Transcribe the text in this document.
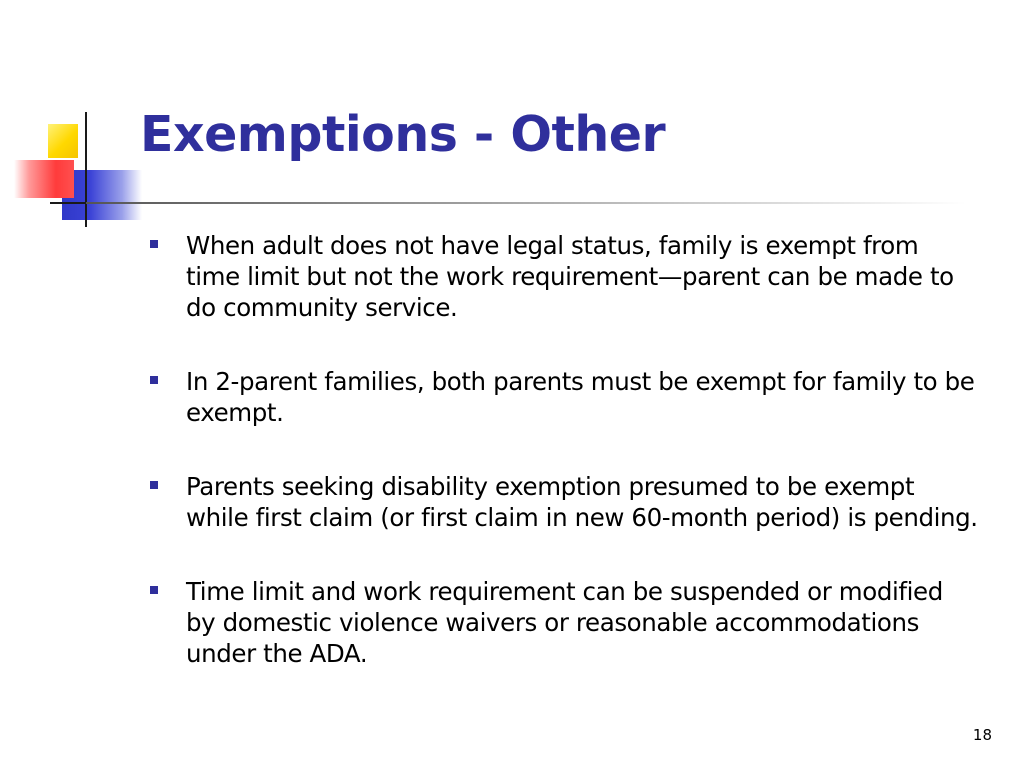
Exemptions - Other
When adult does not have legal status, family is exempt from time limit but not the work requirement—parent can be made to do community service.
In 2-parent families, both parents must be exempt for family to be exempt.
Parents seeking disability exemption presumed to be exempt while first claim (or first claim in new 60-month period) is pending.
Time limit and work requirement can be suspended or modified by domestic violence waivers or reasonable accommodations under the ADA.
18
